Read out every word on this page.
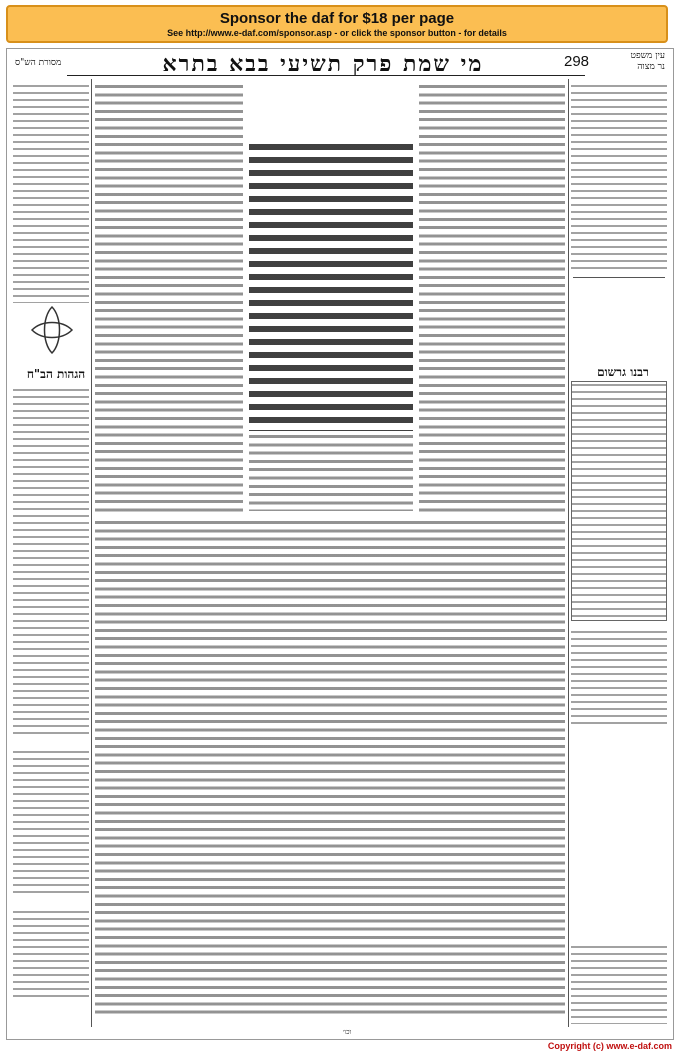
Sponsor the daf for $18 per page
See http://www.e-daf.com/sponsor.asp - or click the sponsor button - for details
מסורת הש"ס	מי שמת פרק תשיעי בבא בתרא	298	עין משפט
נר מצוה
הגהות הב"ח	רבנו גרשום
וכו׳
Copyright (c) www.e-daf.com
